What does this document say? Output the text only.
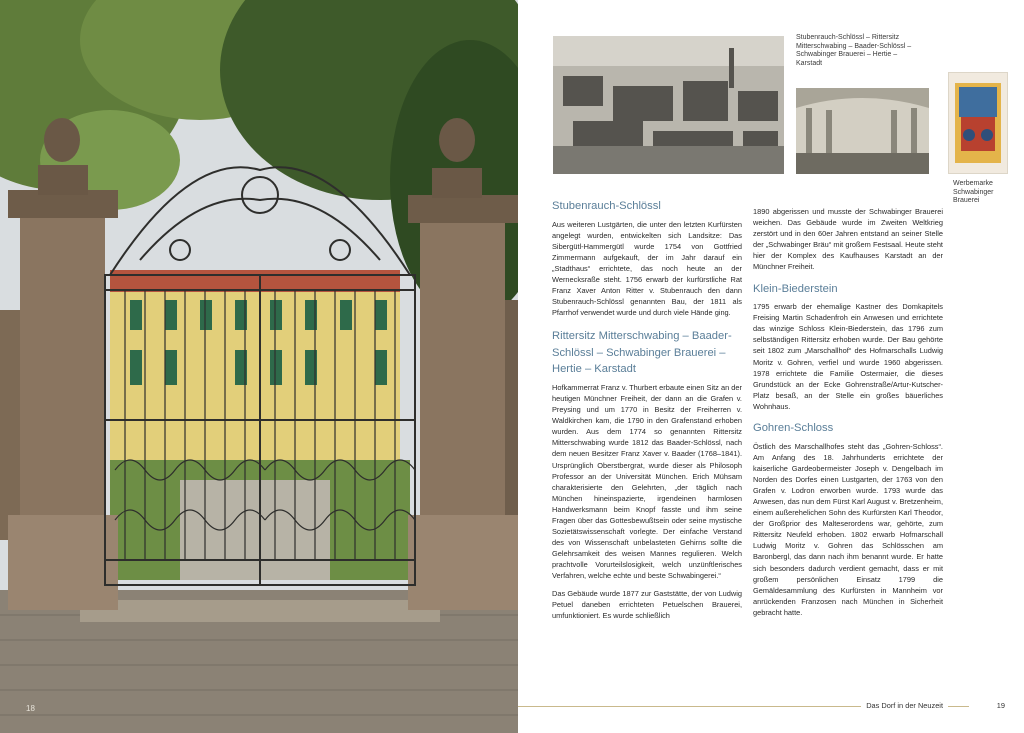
18
Stubenrauch-Schlössl – Rittersitz Mitterschwabing – Baader-Schlössl – Schwabinger Brauerei – Hertie – Karstadt
Werbemarke Schwabinger Brauerei
Stubenrauch-Schlössl

Aus weiteren Lustgärten, die unter den letzten Kurfürsten angelegt wurden, entwickelten sich Landsitze: Das Sibergütl-Hammergütl wurde 1754 von Gottfried Zimmermann aufgekauft, der im Jahr darauf ein „Stadthaus“ errichtete, das noch heute an der Wernecksraße steht. 1756 erwarb der kurfürstliche Rat Franz Xaver Anton Ritter v. Stubenrauch den dann Stubenrauch-Schlössl genannten Bau, der 1811 als Pfarrhof verwendet wurde und durch viele Hände ging.

Rittersitz Mitterschwabing – Baader-Schlössl – Schwabinger Brauerei – Hertie – Karstadt

Hofkammerrat Franz v. Thurbert erbaute einen Sitz an der heutigen Münchner Freiheit, der dann an die Grafen v. Preysing und um 1770 in Besitz der Freiherren v. Waldkirchen kam, die 1790 in den Grafenstand erhoben wurden. Aus dem 1774 so genannten Rittersitz Mitterschwabing wurde 1812 das Baader-Schlössl, nach dem neuen Besitzer Franz Xaver v. Baader (1768–1841). Ursprünglich Oberstbergrat, wurde dieser als Philosoph Professor an der Universität München. Erich Mühsam charakterisierte den Gelehrten, „der täglich nach München hineinspazierte, irgendeinen harmlosen Handwerksmann beim Knopf fasste und ihm seine Fragen über das Gottesbewußtsein oder seine mystische Sozietätswissenschaft vorlegte. Der einfache Verstand des von Wissenschaft unbelasteten Gehirns sollte die Gelehrsamkeit des weisen Mannes regulieren. Welch prachtvolle Vorurteilslosigkeit, welch unzünftlerisches Verfahren, welche echte und beste Schwabingerei.“

Das Gebäude wurde 1877 zur Gaststätte, der von Ludwig Petuel daneben errichteten Petuelschen Brauerei, umfunktioniert. Es wurde schließlich

1890 abgerissen und musste der Schwabinger Brauerei weichen. Das Gebäude wurde im Zweiten Weltkrieg zerstört und in den 60er Jahren entstand an seiner Stelle der „Schwabinger Bräu“ mit großem Festsaal. Heute steht hier der Komplex des Kaufhauses Karstadt an der Münchner Freiheit.

Klein-Biederstein

1795 erwarb der ehemalige Kastner des Domkapitels Freising Martin Schadenfroh ein Anwesen und errichtete das winzige Schloss Klein-Biederstein, das 1796 zum selbständigen Rittersitz erhoben wurde. Der Bau gehörte seit 1802 zum „Marschallhof“ des Hofmarschalls Ludwig Moritz v. Gohren, verfiel und wurde 1960 abgerissen. 1978 errichtete die Familie Ostermaier, die dieses Grundstück an der Ecke Gohrenstraße/Artur-Kutscher-Platz besaß, an der Stelle ein großes bäuerliches Wohnhaus.

Gohren-Schloss

Östlich des Marschallhofes steht das „Gohren-Schloss“. Am Anfang des 18. Jahrhunderts errichtete der kaiserliche Gardeobermeister Joseph v. Dengelbach im Norden des Dorfes einen Lustgarten, der 1763 von den Grafen v. Lodron erworben wurde. 1793 wurde das Anwesen, das nun dem Fürst Karl August v. Bretzenheim, einem außerehelichen Sohn des Kurfürsten Karl Theodor, der Großprior des Malteserordens war, gehörte, zum Rittersitz Neufeld erhoben. 1802 erwarb Hofmarschall Ludwig Moritz v. Gohren das Schlösschen am Baronbergl, das dann nach ihm benannt wurde. Er hatte sich besonders dadurch verdient gemacht, dass er mit großem persönlichen Einsatz 1799 die Gemäldesammlung des Kurfürsten in Mannheim vor anrückenden Franzosen nach München in Sicherheit gebracht hatte.

Das Dorf in der Neuzeit	19
